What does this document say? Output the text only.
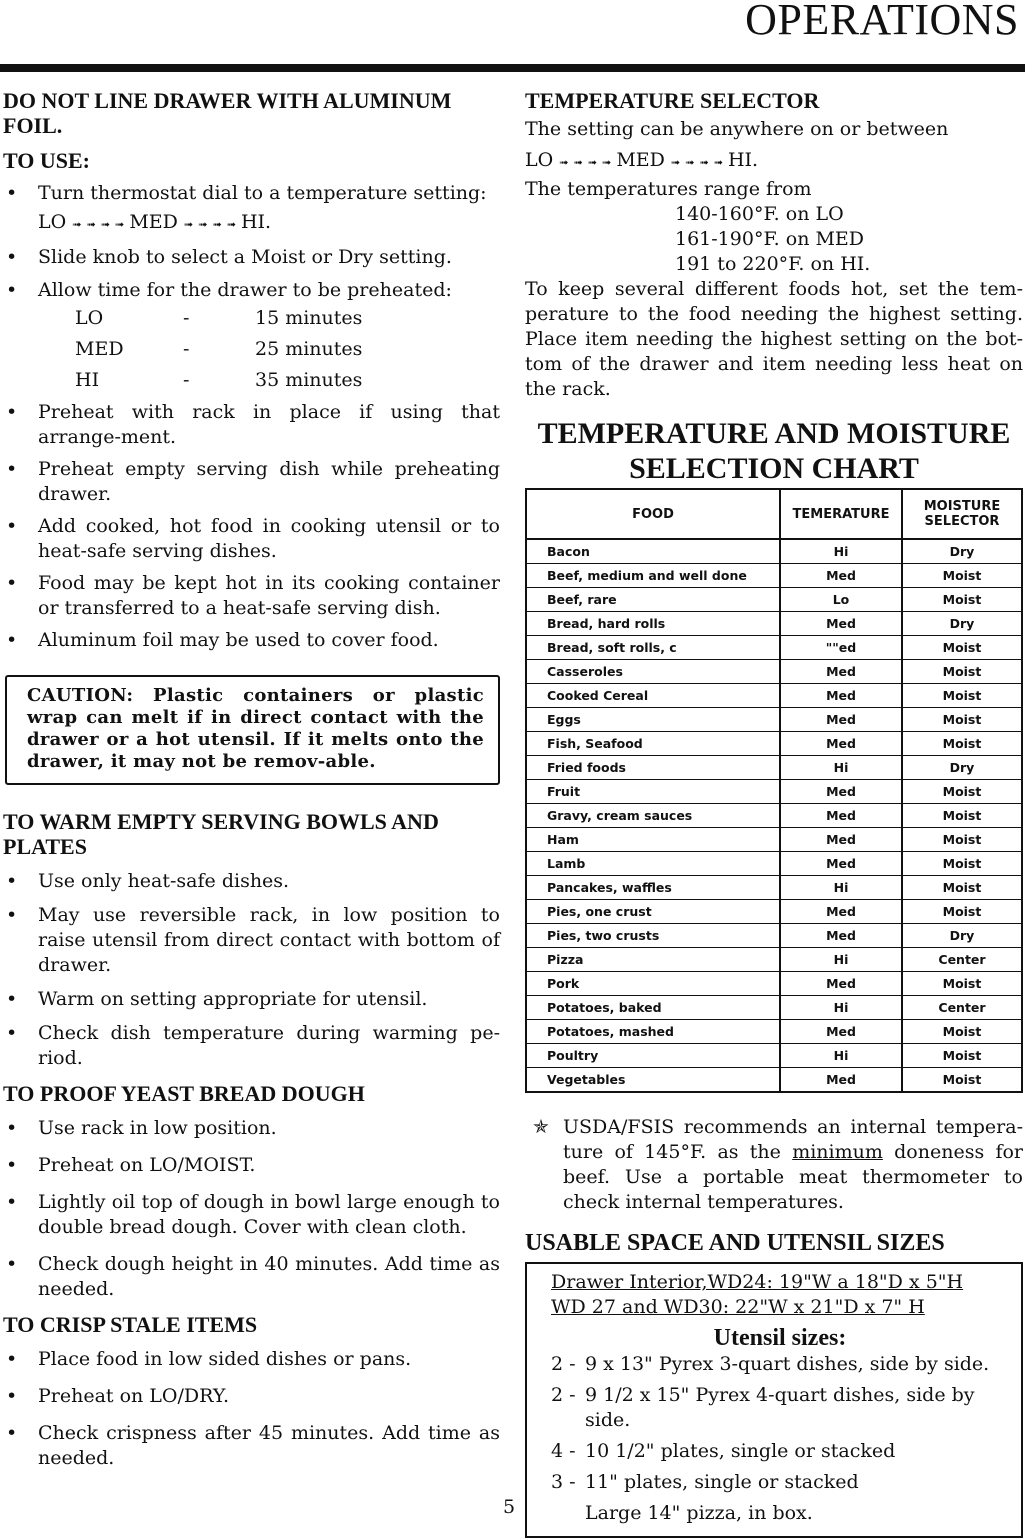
OPERATIONS
DO NOT LINE DRAWER WITH ALUMINUM FOIL.
TO USE:
• Turn thermostat dial to a temperature setting:
LO ➟ ➟ ➟ ➟ MED ➟ ➟ ➟ ➟ HI.
• Slide knob to select a Moist or Dry setting.
• Allow time for the drawer to be preheated:
LO	-	15 minutes
MED	-	25 minutes
HI	-	35 minutes
• Preheat with rack in place if using that arrange-ment.
• Preheat empty serving dish while preheating drawer.
• Add cooked, hot food in cooking utensil or to heat-safe serving dishes.
• Food may be kept hot in its cooking container or transferred to a heat-safe serving dish.
• Aluminum foil may be used to cover food.
CAUTION: Plastic containers or plastic wrap can melt if in direct contact with the drawer or a hot utensil. If it melts onto the drawer, it may not be remov-able.
TO WARM EMPTY SERVING BOWLS AND PLATES
• Use only heat-safe dishes.
• May use reversible rack, in low position to raise utensil from direct contact with bottom of drawer.
• Warm on setting appropriate for utensil.
• Check dish temperature during warming pe-riod.
TO PROOF YEAST BREAD DOUGH
• Use rack in low position.
• Preheat on LO/MOIST.
• Lightly oil top of dough in bowl large enough to double bread dough. Cover with clean cloth.
• Check dough height in 40 minutes. Add time as needed.
TO CRISP STALE ITEMS
• Place food in low sided dishes or pans.
• Preheat on LO/DRY.
• Check crispness after 45 minutes. Add time as needed.
TEMPERATURE SELECTOR

The setting can be anywhere on or between

LO ➟ ➟ ➟ ➟ MED ➟ ➟ ➟ ➟ HI.

The temperatures range from

140-160°F. on LO

161-190°F. on MED

191 to 220°F. on HI.

To keep several different foods hot, set the tem-perature to the food needing the highest setting. Place item needing the highest setting on the bot-tom of the drawer and item needing less heat on the rack.

TEMPERATURE AND MOISTURE
SELECTION CHART
FOOD	TEMERATURE	MOISTURE
SELECTOR
Bacon	Hi	Dry
Beef, medium and well done	Med	Moist
Beef, rare	Lo	Moist
Bread, hard rolls	Med	Dry
Bread, soft rolls, c	""ed	Moist
Casseroles	Med	Moist
Cooked Cereal	Med	Moist
Eggs	Med	Moist
Fish, Seafood	Med	Moist
Fried foods	Hi	Dry
Fruit	Med	Moist
Gravy, cream sauces	Med	Moist
Ham	Med	Moist
Lamb	Med	Moist
Pancakes, waffles	Hi	Moist
Pies, one crust	Med	Moist
Pies, two crusts	Med	Dry
Pizza	Hi	Center
Pork	Med	Moist
Potatoes, baked	Hi	Center
Potatoes, mashed	Med	Moist
Poultry	Hi	Moist
Vegetables	Med	Moist
✯ USDA/FSIS recommends an internal tempera-ture of 145°F. as the minimum doneness for beef. Use a portable meat thermometer to check internal temperatures.
USABLE SPACE AND UTENSIL SIZES
Drawer Interior,WD24: 19"W a 18"D x 5"H
WD 27 and WD30: 22"W x 21"D x 7" H
Utensil sizes:
2 - 9 x 13" Pyrex 3-quart dishes, side by side.
2 - 9 1/2 x 15" Pyrex 4-quart dishes, side by side.
4 - 10 1/2" plates, single or stacked
3 - 11" plates, single or stacked
Large 14" pizza, in box.
5
